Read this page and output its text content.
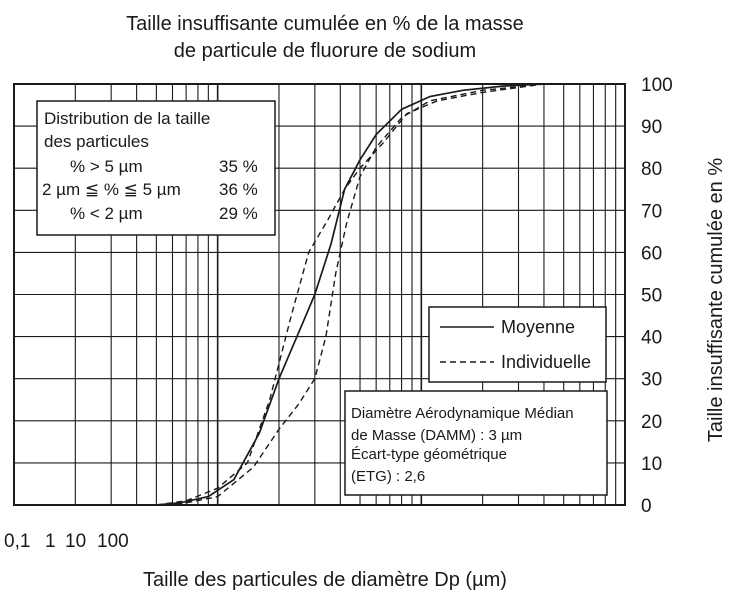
Taille insuffisante cumulée en % de la masse
de particule de fluorure de sodium
0
10
20
30
40
50
60
70
80
90
100
0,1 1 10 100
Taille des particules de diamètre Dp (µm)
Taille insuffisante cumulée en %
Distribution de la taille
des particules
% > 5 µm	35 %
2 µm ≦ % ≦ 5 µm 36 %
% < 2 µm	29 %
Moyenne
Individuelle
Diamètre Aérodynamique Médian
de Masse (DAMM) : 3 µm
Écart-type géométrique
(ETG) : 2,6
